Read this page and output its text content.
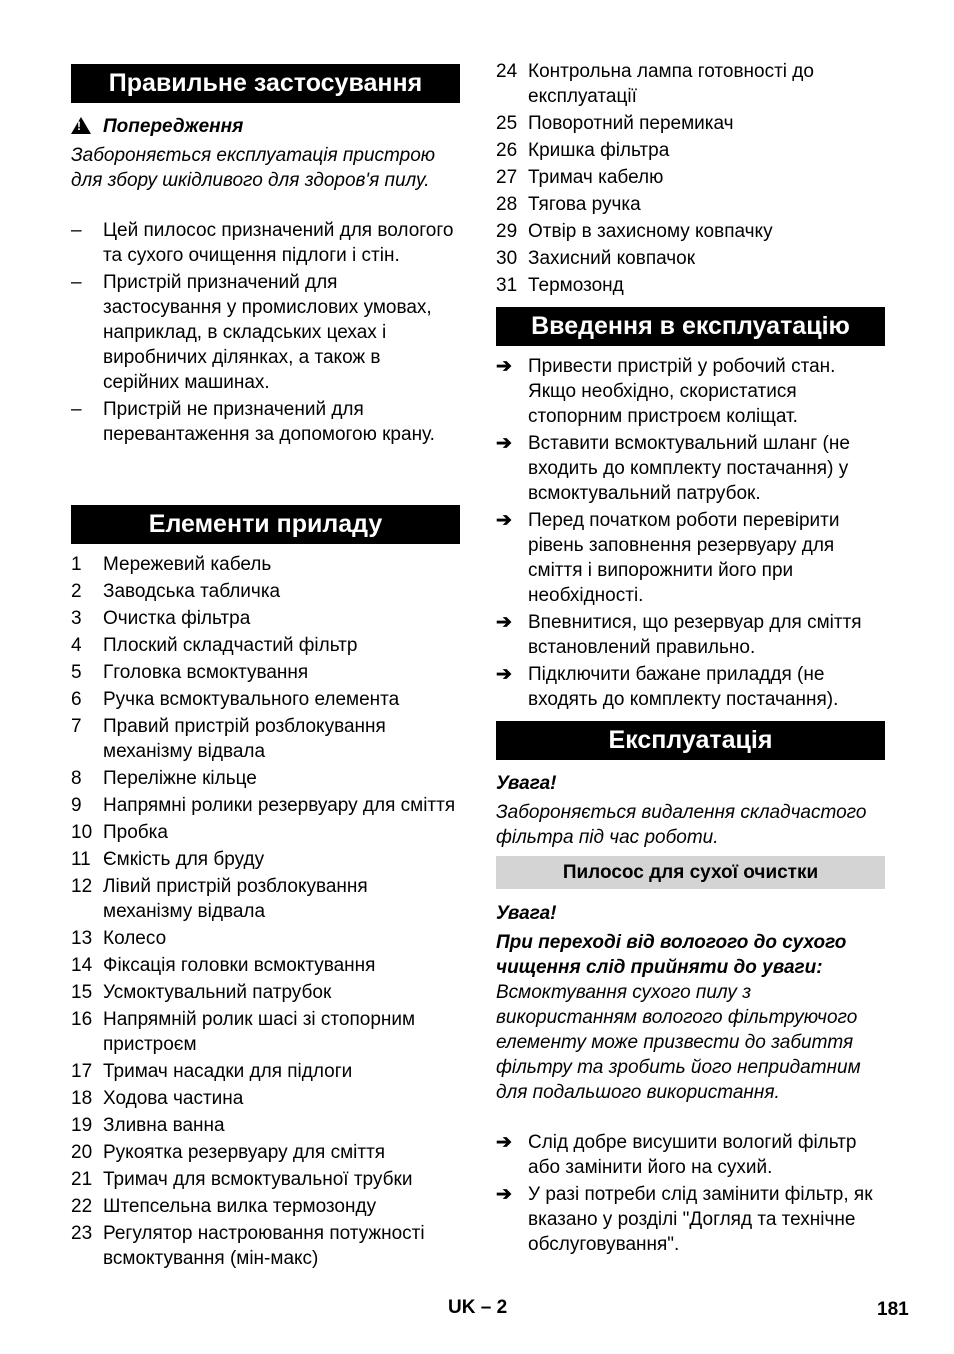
Правильне застосування
!Попередження
Забороняється експлуатація пристрою для збору шкідливого для здоров'я пилу.
–	Цей пилосос призначений для вологого та сухого очищення підлоги і стін.
–	Пристрій призначений для застосування у промислових умовах, наприклад, в складських цехах і виробничих ділянках, а також в серійних машинах.
–	Пристрій не призначений для перевантаження за допомогою крану.
Елементи приладу
1	Мережевий кабель
2	Заводська табличка
3	Очистка фільтра
4	Плоский складчастий фільтр
5	Гголовка всмоктування
6	Ручка всмоктувального елемента
7	Правий пристрій розблокування механізму відвала
8	Переліжне кільце
9	Напрямні ролики резервуару для сміття
10 Пробка
11 Ємкість для бруду
12 Лівий пристрій розблокування механізму відвала
13 Колесо
14 Фіксація головки всмоктування
15 Усмоктувальний патрубок
16 Напрямній ролик шасі зі стопорним пристроєм
17 Тримач насадки для підлоги
18 Ходова частина
19 Зливна ванна
20 Рукоятка резервуару для сміття
21 Тримач для всмоктувальної трубки
22 Штепсельна вилка термозонду
23 Регулятор настроювання потужності всмоктування (мін-макс)
24 Контрольна лампа готовності до експлуатації
25 Поворотний перемикач
26 Кришка фільтра
27 Тримач кабелю
28 Тягова ручка
29 Отвір в захисному ковпачку
30 Захисний ковпачок
31 Термозонд
Введення в експлуатацію
➔ Привести пристрій у робочий стан. Якщо необхідно, скористатися стопорним пристроєм коліщат.
➔ Вставити всмоктувальний шланг (не входить до комплекту постачання) у всмоктувальний патрубок.
➔ Перед початком роботи перевірити рівень заповнення резервуару для сміття і випорожнити його при необхідності.
➔ Впевнитися, що резервуар для сміття встановлений правильно.
➔ Підключити бажане приладдя (не входять до комплекту постачання).
Експлуатація
Увага!
Забороняється видалення складчастого фільтра під час роботи.
Пилосос для сухої очистки
Увага!
При переході від вологого до сухого чищення слід прийняти до уваги:
Всмоктування сухого пилу з використанням вологого фільтруючого елементу може призвести до забиття фільтру та зробить його непридатним для подальшого використання.
➔ Слід добре висушити вологий фільтр або замінити його на сухий.
➔ У разі потреби слід замінити фільтр, як вказано у розділі "Догляд та технічне обслуговування".
UK – 2	181
